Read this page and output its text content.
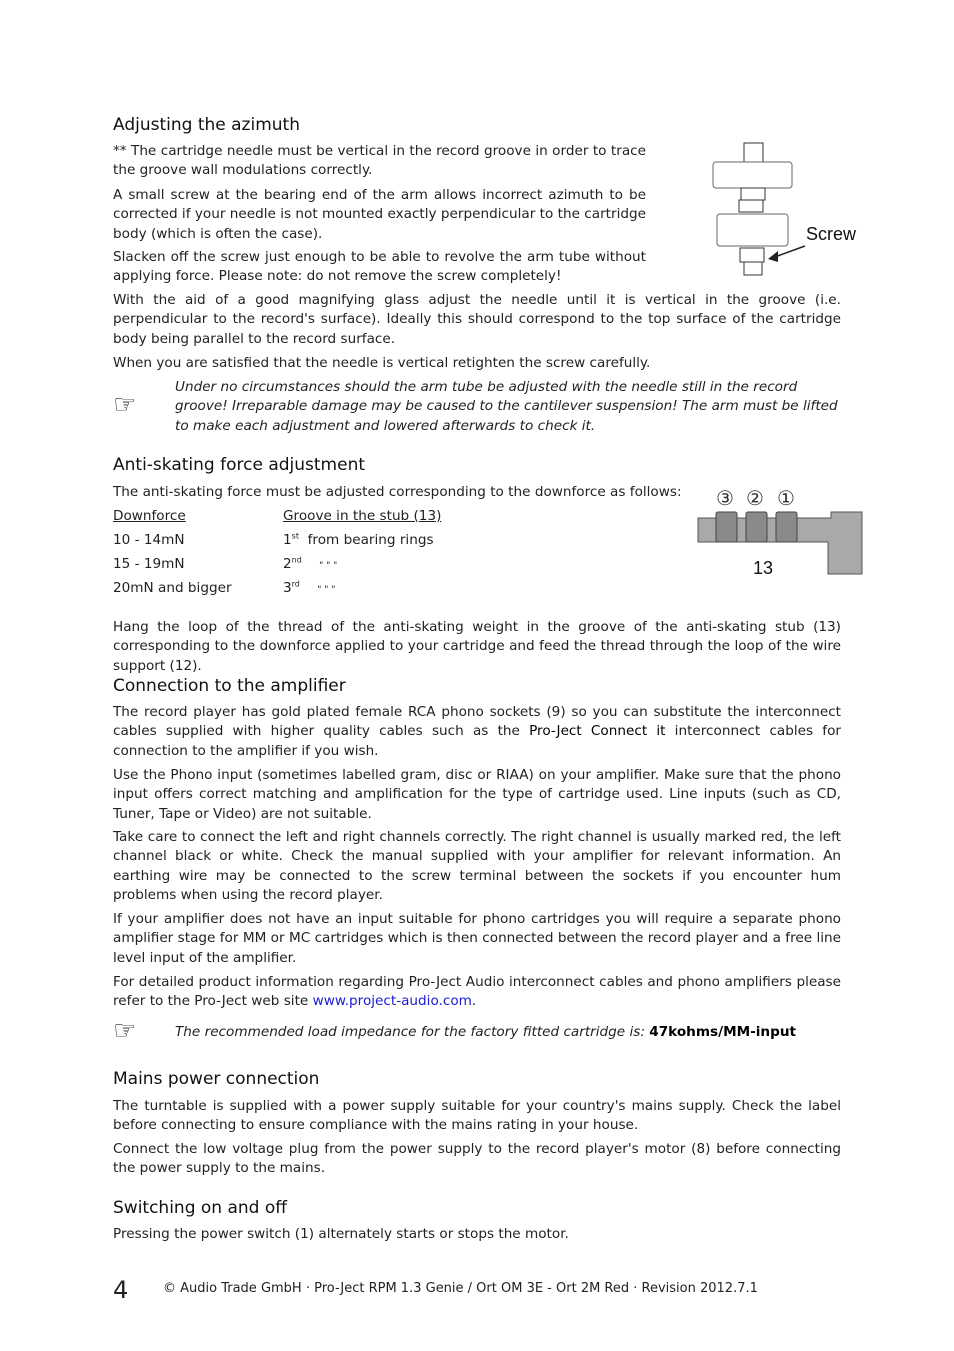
Adjusting the azimuth

** The cartridge needle must be vertical in the record groove in order to trace the groove wall modulations correctly.

A small screw at the bearing end of the arm allows incorrect azimuth to be corrected if your needle is not mounted exactly perpendicular to the cartridge body (which is often the case).

Slacken off the screw just enough to be able to revolve the arm tube without applying force. Please note: do not remove the screw completely!

With the aid of a good magnifying glass adjust the needle until it is vertical in the groove (i.e. perpendicular to the record's surface). Ideally this should correspond to the top surface of the cartridge body being parallel to the record surface.

When you are satisfied that the needle is vertical retighten the screw carefully.

☞

Under no circumstances should the arm tube be adjusted with the needle still in the record groove! Irreparable damage may be caused to the cantilever suspension! The arm must be lifted to make each adjustment and lowered afterwards to check it.

Screw
Anti-skating force adjustment

The anti-skating force must be adjusted corresponding to the downforce as follows:

Downforce	Groove in the stub (13)
10 - 14mN	1st from bearing rings
15 - 19mN	2nd    " " "
20mN and bigger	3rd    " " "
③ ② ①
13

Hang the loop of the thread of the anti-skating weight in the groove of the anti-skating stub (13) corresponding to the downforce applied to your cartridge and feed the thread through the loop of the wire support (12).

Connection to the amplifier

The record player has gold plated female RCA phono sockets (9) so you can substitute the interconnect cables supplied with higher quality cables such as the Pro-Ject Connect it interconnect cables for connection to the amplifier if you wish.

Use the Phono input (sometimes labelled gram, disc or RIAA) on your amplifier. Make sure that the phono input offers correct matching and amplification for the type of cartridge used. Line inputs (such as CD, Tuner, Tape or Video) are not suitable.

Take care to connect the left and right channels correctly. The right channel is usually marked red, the left channel black or white. Check the manual supplied with your amplifier for relevant information. An earthing wire may be connected to the screw terminal between the sockets if you encounter hum problems when using the record player.

If your amplifier does not have an input suitable for phono cartridges you will require a separate phono amplifier stage for MM or MC cartridges which is then connected between the record player and a free line level input of the amplifier.

For detailed product information regarding Pro-Ject Audio interconnect cables and phono amplifiers please refer to the Pro-Ject web site www.project-audio.com.

☞	The recommended load impedance for the factory fitted cartridge is: 47kohms/MM-input

Mains power connection

The turntable is supplied with a power supply suitable for your country's mains supply. Check the label before connecting to ensure compliance with the mains rating in your house.

Connect the low voltage plug from the power supply to the record player's motor (8) before connecting the power supply to the mains.

Switching on and off

Pressing the power switch (1) alternately starts or stops the motor.

4	© Audio Trade GmbH · Pro-Ject RPM 1.3 Genie / Ort OM 3E - Ort 2M Red · Revision 2012.7.1
